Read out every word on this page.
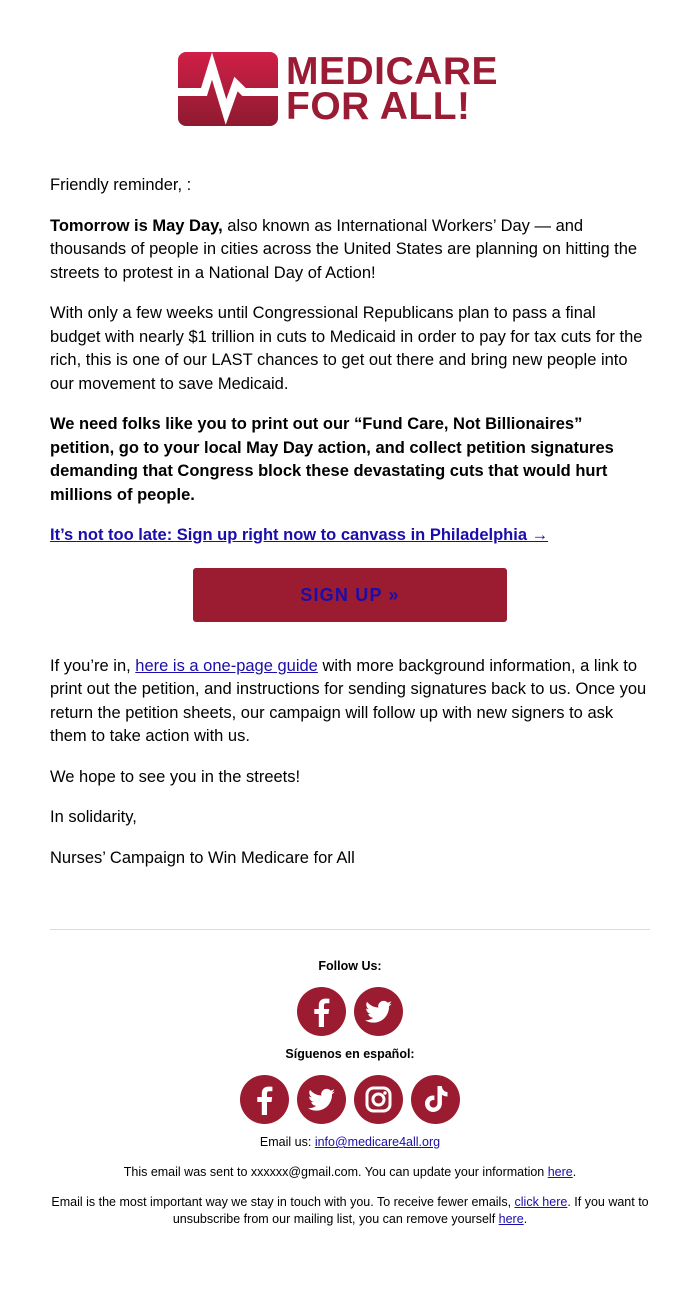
MEDICARE
FOR ALL!

Friendly reminder, :

Tomorrow is May Day, also known as International Workers’ Day — and thousands of people in cities across the United States are planning on hitting the streets to protest in a National Day of Action!

With only a few weeks until Congressional Republicans plan to pass a final budget with nearly $1 trillion in cuts to Medicaid in order to pay for tax cuts for the rich, this is one of our LAST chances to get out there and bring new people into our movement to save Medicaid.

We need folks like you to print out our “Fund Care, Not Billionaires” petition, go to your local May Day action, and collect petition signatures demanding that Congress block these devastating cuts that would hurt millions of people.

It’s not too late: Sign up right now to canvass in Philadelphia →

SIGN UP »

If you’re in, here is a one-page guide with more background information, a link to print out the petition, and instructions for sending signatures back to us. Once you return the petition sheets, our campaign will follow up with new signers to ask them to take action with us.

We hope to see you in the streets!

In solidarity,

Nurses’ Campaign to Win Medicare for All

Follow Us:

Síguenos en español:

Email us: info@medicare4all.org

This email was sent to xxxxxx@gmail.com. You can update your information here.

Email is the most important way we stay in touch with you. To receive fewer emails, click here. If you want to unsubscribe from our mailing list, you can remove yourself here.
